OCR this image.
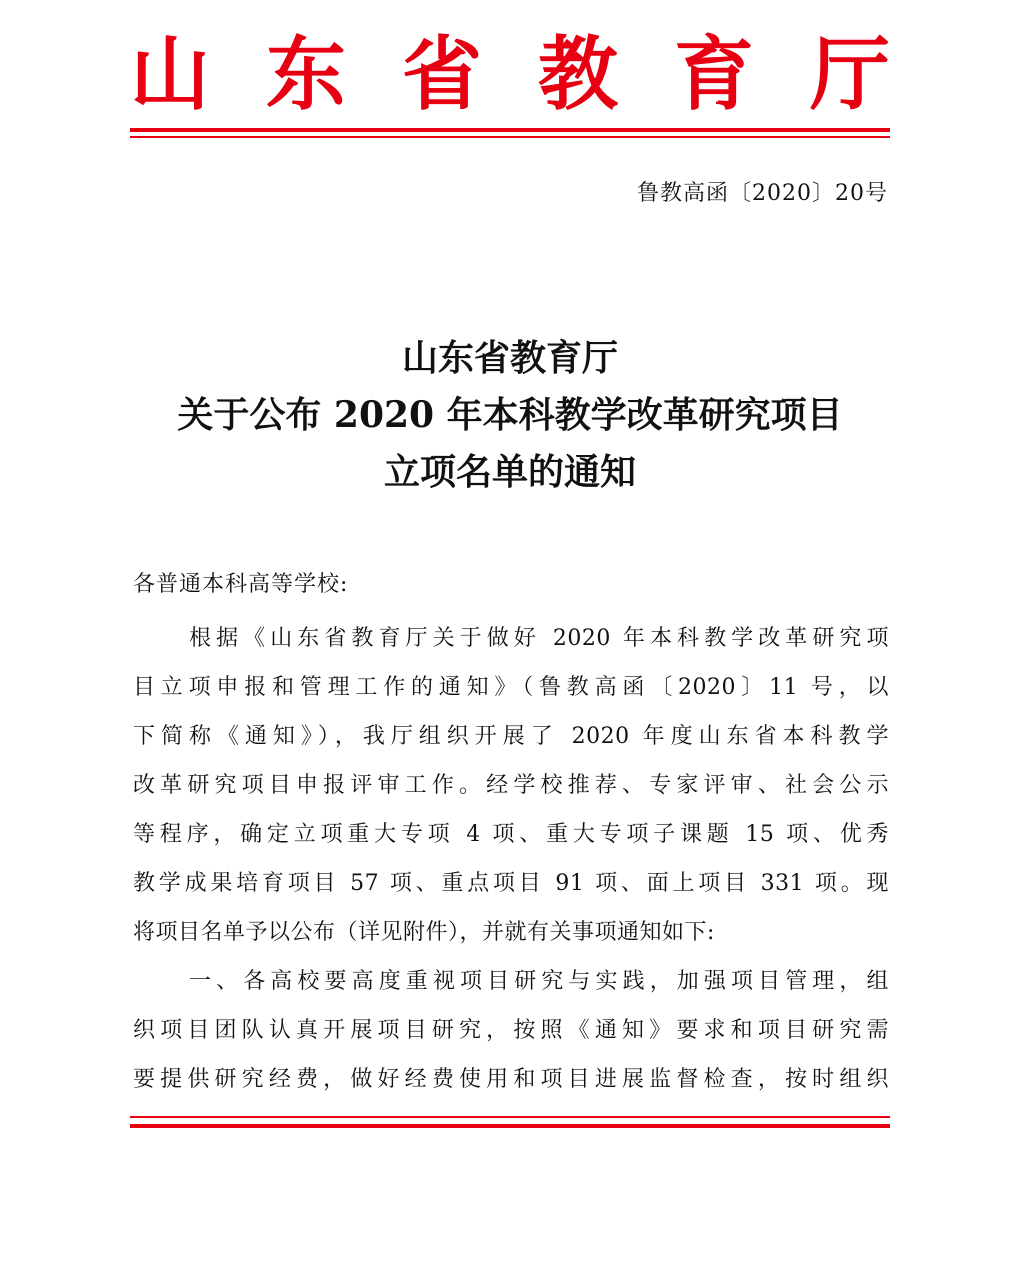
山 东 省 教 育 厅
鲁教高函〔2020〕20号
山东省教育厅
关于公布 2020 年本科教学改革研究项目
立项名单的通知
各普通本科高等学校:
根据《山东省教育厅关于做好 2020 年本科教学改革研究项
目立项申报和管理工作的通知》（鲁教高函〔2020〕11 号，以
下简称《通知》），我厅组织开展了 2020 年度山东省本科教学
改革研究项目申报评审工作。经学校推荐、专家评审、社会公示
等程序，确定立项重大专项 4 项、重大专项子课题 15 项、优秀
教学成果培育项目 57 项、重点项目 91 项、面上项目 331 项。现
将项目名单予以公布（详见附件），并就有关事项通知如下:
一、各高校要高度重视项目研究与实践，加强项目管理，组
织项目团队认真开展项目研究，按照《通知》要求和项目研究需
要提供研究经费，做好经费使用和项目进展监督检查，按时组织
